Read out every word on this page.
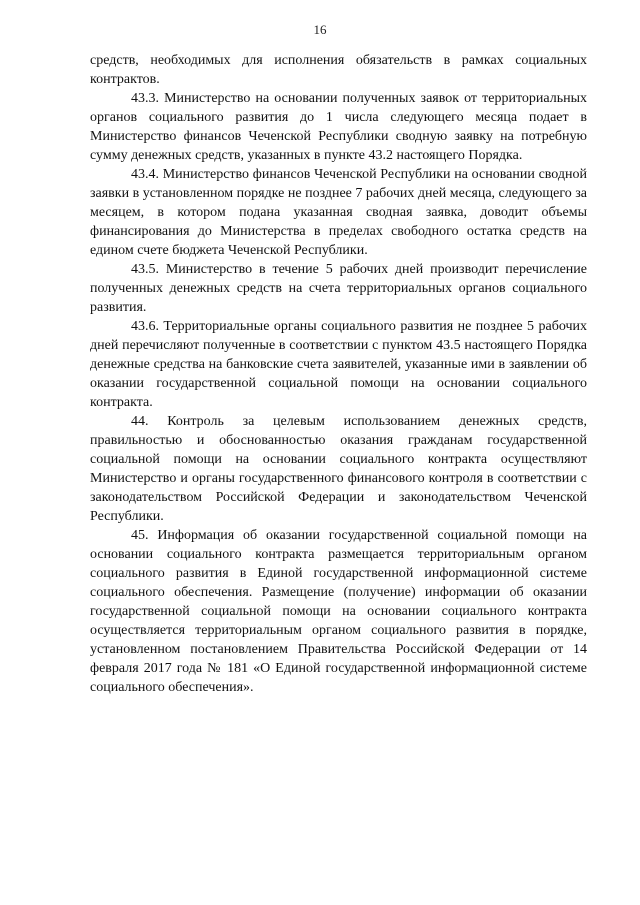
16

средств, необходимых для исполнения обязательств в рамках социальных контрактов.

43.3. Министерство на основании полученных заявок от территориальных органов социального развития до 1 числа следующего месяца подает в Министерство финансов Чеченской Республики сводную заявку на потребную сумму денежных средств, указанных в пункте 43.2 настоящего Порядка.

43.4. Министерство финансов Чеченской Республики на основании сводной заявки в установленном порядке не позднее 7 рабочих дней месяца, следующего за месяцем, в котором подана указанная сводная заявка, доводит объемы финансирования до Министерства в пределах свободного остатка средств на едином счете бюджета Чеченской Республики.

43.5. Министерство в течение 5 рабочих дней производит перечисление полученных денежных средств на счета территориальных органов социального развития.

43.6. Территориальные органы социального развития не позднее 5 рабочих дней перечисляют полученные в соответствии с пунктом 43.5 настоящего Порядка денежные средства на банковские счета заявителей, указанные ими в заявлении об оказании государственной социальной помощи на основании социального контракта.

44. Контроль за целевым использованием денежных средств, правильностью и обоснованностью оказания гражданам государственной социальной помощи на основании социального контракта осуществляют Министерство и органы государственного финансового контроля в соответствии с законодательством Российской Федерации и законодательством Чеченской Республики.

45. Информация об оказании государственной социальной помощи на основании социального контракта размещается территориальным органом социального развития в Единой государственной информационной системе социального обеспечения. Размещение (получение) информации об оказании государственной социальной помощи на основании социального контракта осуществляется территориальным органом социального развития в порядке, установленном постановлением Правительства Российской Федерации от 14 февраля 2017 года № 181 «О Единой государственной информационной системе социального обеспечения».
